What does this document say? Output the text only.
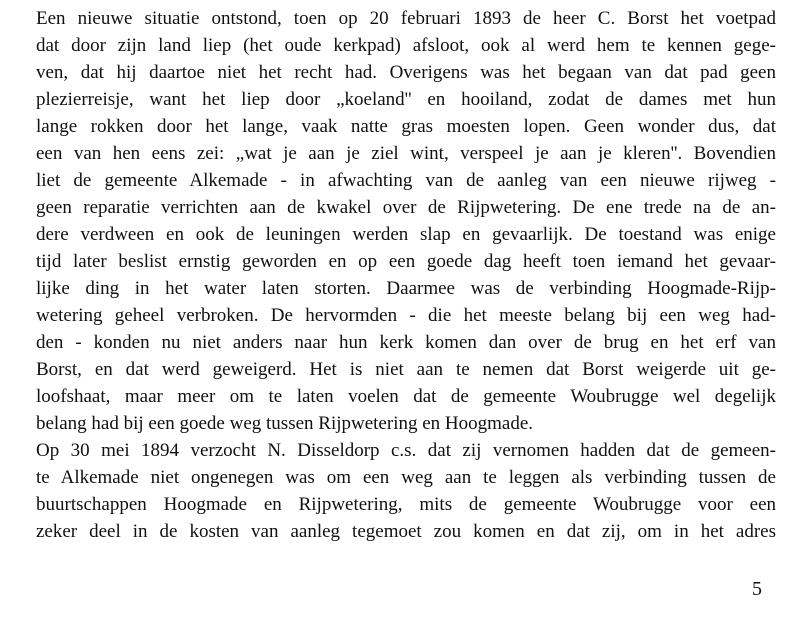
Een nieuwe situatie ontstond, toen op 20 februari 1893 de heer C. Borst het voetpad
dat door zijn land liep (het oude kerkpad) afsloot, ook al werd hem te kennen gege-
ven, dat hij daartoe niet het recht had. Overigens was het begaan van dat pad geen
plezierreisje, want het liep door „koeland'' en hooiland, zodat de dames met hun
lange rokken door het lange, vaak natte gras moesten lopen. Geen wonder dus, dat
een van hen eens zei: „wat je aan je ziel wint, verspeel je aan je kleren''. Bovendien
liet de gemeente Alkemade - in afwachting van de aanleg van een nieuwe rijweg -
geen reparatie verrichten aan de kwakel over de Rijpwetering. De ene trede na de an-
dere verdween en ook de leuningen werden slap en gevaarlijk. De toestand was enige
tijd later beslist ernstig geworden en op een goede dag heeft toen iemand het gevaar-
lijke ding in het water laten storten. Daarmee was de verbinding Hoogmade-Rijp-
wetering geheel verbroken. De hervormden - die het meeste belang bij een weg had-
den - konden nu niet anders naar hun kerk komen dan over de brug en het erf van
Borst, en dat werd geweigerd. Het is niet aan te nemen dat Borst weigerde uit ge-
loofshaat, maar meer om te laten voelen dat de gemeente Woubrugge wel degelijk
belang had bij een goede weg tussen Rijpwetering en Hoogmade.
Op 30 mei 1894 verzocht N. Disseldorp c.s. dat zij vernomen hadden dat de gemeen-
te Alkemade niet ongenegen was om een weg aan te leggen als verbinding tussen de
buurtschappen Hoogmade en Rijpwetering, mits de gemeente Woubrugge voor een
zeker deel in de kosten van aanleg tegemoet zou komen en dat zij, om in het adres
5
